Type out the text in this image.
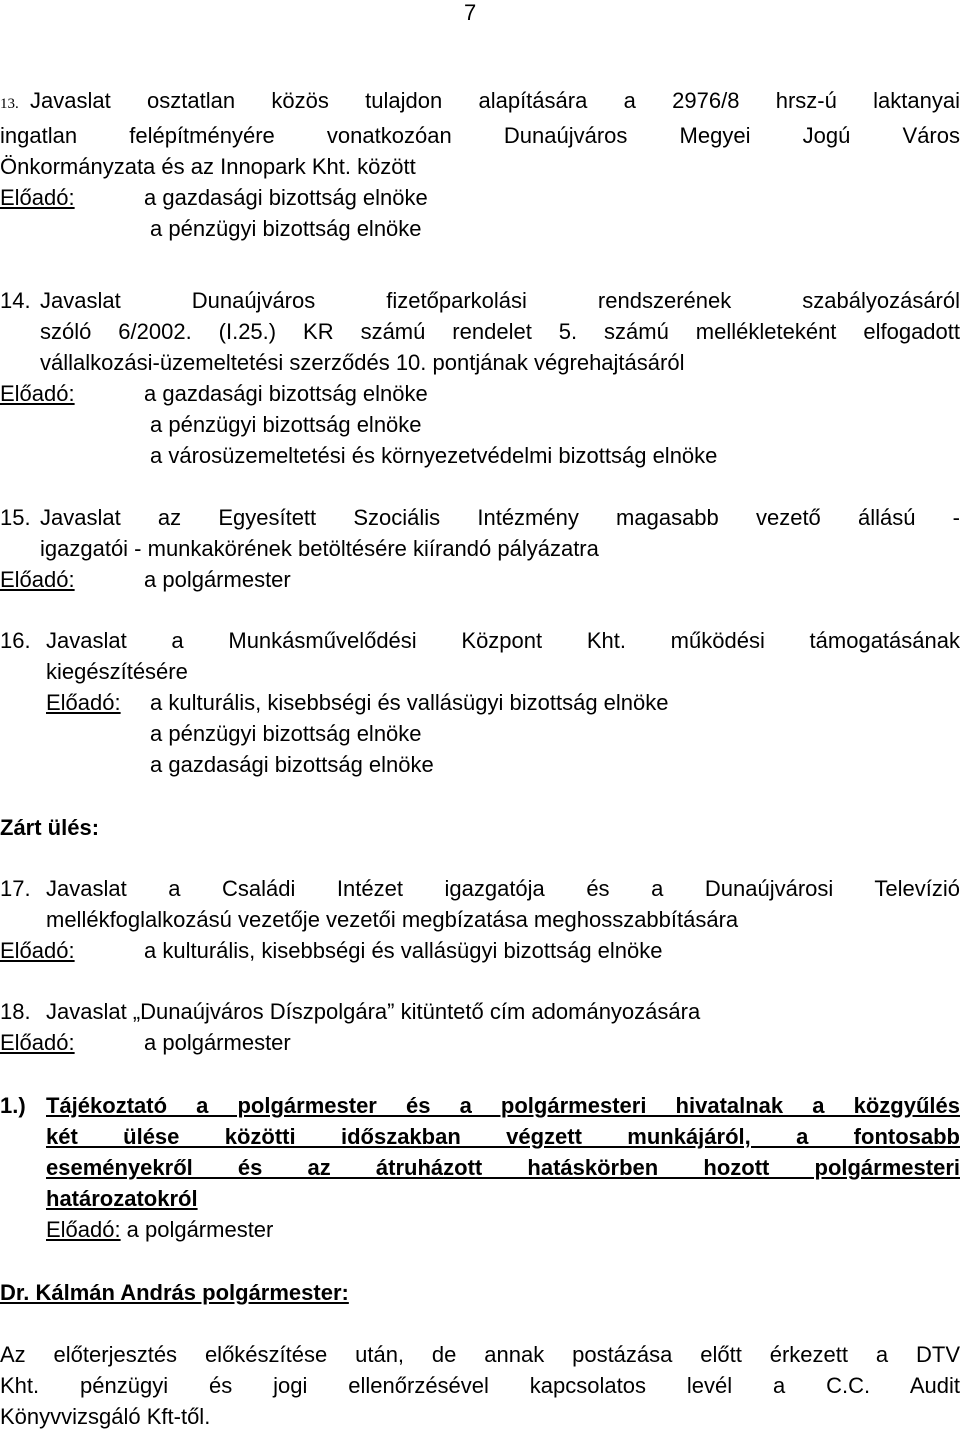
7
13. Javaslat osztatlan közös tulajdon alapítására a 2976/8 hrsz-ú laktanyai
ingatlan felépítményére vonatkozóan Dunaújváros Megyei Jogú Város
Önkormányzata és az Innopark Kht. között
Előadó:	a gazdasági bizottság elnöke
a pénzügyi bizottság elnöke
14. Javaslat Dunaújváros fizetőparkolási rendszerének szabályozásáról
szóló 6/2002. (I.25.) KR számú rendelet 5. számú mellékleteként elfogadott
vállalkozási-üzemeltetési szerződés 10. pontjának végrehajtásáról
Előadó:	a gazdasági bizottság elnöke
a pénzügyi bizottság elnöke
a városüzemeltetési és környezetvédelmi bizottság elnöke
15. Javaslat az Egyesített Szociális Intézmény magasabb vezető állású -
igazgatói - munkakörének betöltésére kiírandó pályázatra
Előadó:	a polgármester
16. Javaslat a Munkásművelődési Központ Kht. működési támogatásának
kiegészítésére
Előadó: a kulturális, kisebbségi és vallásügyi bizottság elnöke
a pénzügyi bizottság elnöke
a gazdasági bizottság elnöke
Zárt ülés:
17. Javaslat a Családi Intézet igazgatója és a Dunaújvárosi Televízió
mellékfoglalkozású vezetője vezetői megbízatása meghosszabbítására
Előadó:	a kulturális, kisebbségi és vallásügyi bizottság elnöke
18. Javaslat „Dunaújváros Díszpolgára” kitüntető cím adományozására
Előadó:	a polgármester
1.) Tájékoztató a polgármester és a polgármesteri hivatalnak a közgyűlés
két ülése közötti időszakban végzett munkájáról, a fontosabb
eseményekről és az átruházott hatáskörben hozott polgármesteri
határozatokról
Előadó: a polgármester
Dr. Kálmán András polgármester:
Az előterjesztés előkészítése után, de annak postázása előtt érkezett a DTV
Kht. pénzügyi és jogi ellenőrzésével kapcsolatos levél a C.C. Audit
Könyvvizsgáló Kft-től.
